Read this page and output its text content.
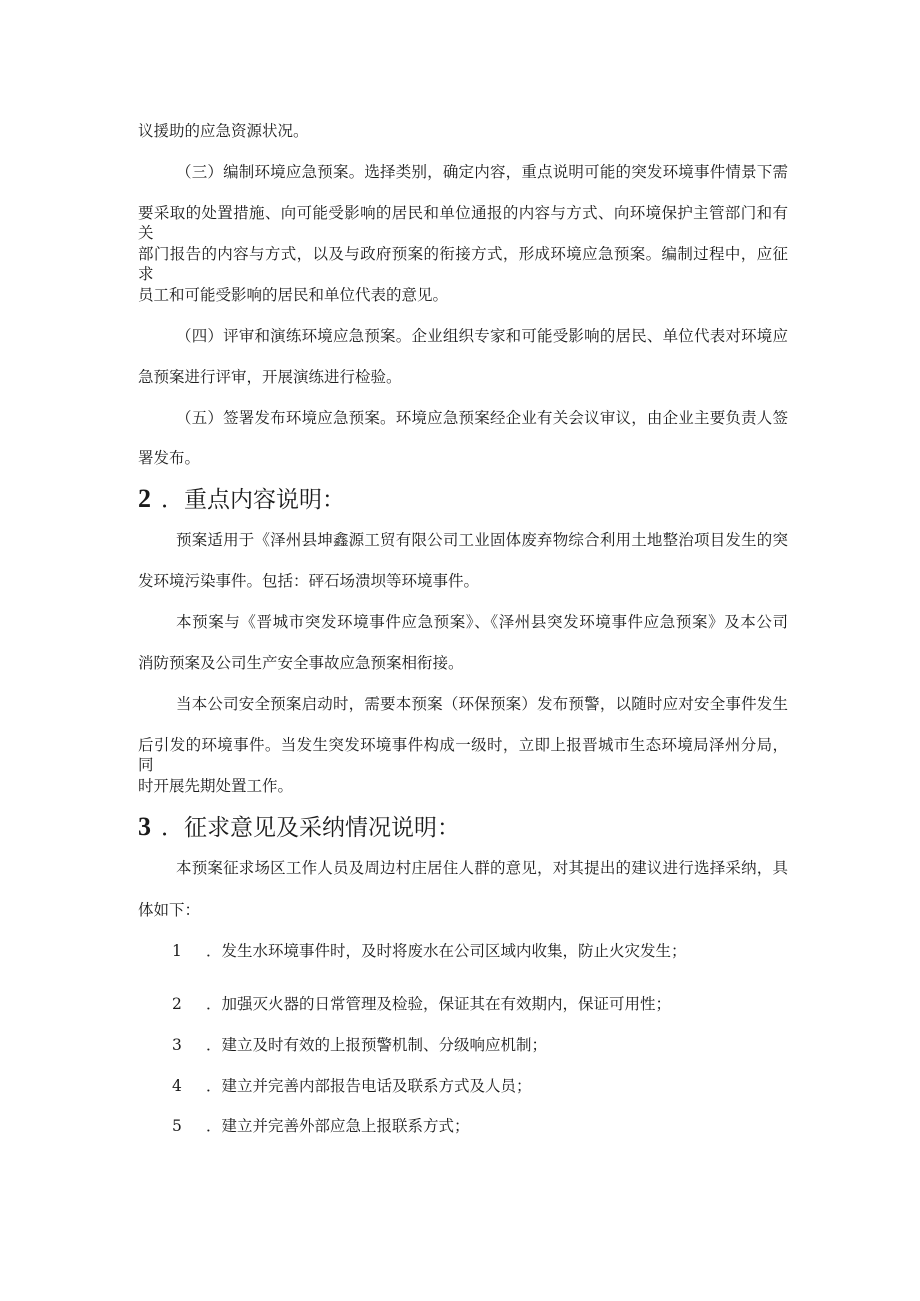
议援助的应急资源状况。
（三）编制环境应急预案。选择类别，确定内容，重点说明可能的突发环境事件情景下需
要采取的处置措施、向可能受影响的居民和单位通报的内容与方式、向环境保护主管部门和有关
部门报告的内容与方式，以及与政府预案的衔接方式，形成环境应急预案。编制过程中，应征求
员工和可能受影响的居民和单位代表的意见。
（四）评审和演练环境应急预案。企业组织专家和可能受影响的居民、单位代表对环境应
急预案进行评审，开展演练进行检验。
（五）签署发布环境应急预案。环境应急预案经企业有关会议审议，由企业主要负责人签
署发布。
2 ．重点内容说明：
预案适用于《泽州县坤鑫源工贸有限公司工业固体废弃物综合利用土地整治项目发生的突
发环境污染事件。包括：砰石场溃坝等环境事件。
本预案与《晋城市突发环境事件应急预案》、《泽州县突发环境事件应急预案》及本公司
消防预案及公司生产安全事故应急预案相衔接。
当本公司安全预案启动时，需要本预案（环保预案）发布预警，以随时应对安全事件发生
后引发的环境事件。当发生突发环境事件构成一级时，立即上报晋城市生态环境局泽州分局，同
时开展先期处置工作。
3 ．征求意见及采纳情况说明：
本预案征求场区工作人员及周边村庄居住人群的意见，对其提出的建议进行选择采纳，具
体如下：
1 ．发生水环境事件时，及时将废水在公司区域内收集，防止火灾发生；
2 ．加强灭火器的日常管理及检验，保证其在有效期内，保证可用性；
3 ．建立及时有效的上报预警机制、分级响应机制；
4 ．建立并完善内部报告电话及联系方式及人员；
5 ．建立并完善外部应急上报联系方式；
